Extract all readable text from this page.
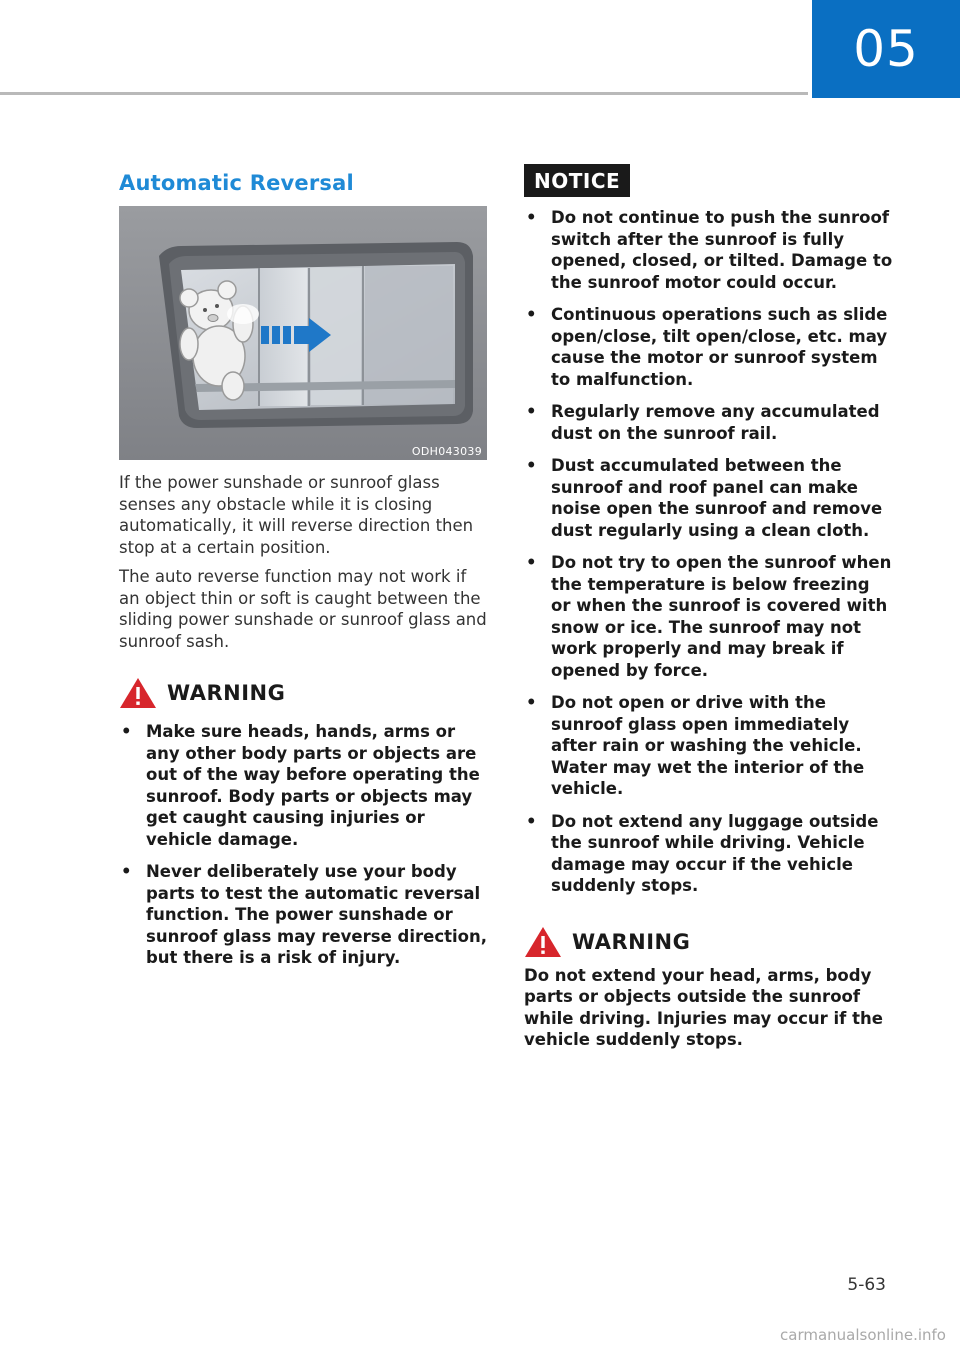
05
Automatic Reversal
ODH043039

If the power sunshade or sunroof glass senses any obstacle while it is closing automatically, it will reverse direction then stop at a certain position.

The auto reverse function may not work if an object thin or soft is caught between the sliding power sunshade or sunroof glass and sunroof sash.

WARNING
• Make sure heads, hands, arms or any other body parts or objects are out of the way before operating the sunroof. Body parts or objects may get caught causing injuries or vehicle damage.
• Never deliberately use your body parts to test the automatic reversal function. The power sunshade or sunroof glass may reverse direction, but there is a risk of injury.
NOTICE
• Do not continue to push the sunroof switch after the sunroof is fully opened, closed, or tilted. Damage to the sunroof motor could occur.
• Continuous operations such as slide open/close, tilt open/close, etc. may cause the motor or sunroof system to malfunction.
• Regularly remove any accumulated dust on the sunroof rail.
• Dust accumulated between the sunroof and roof panel can make noise open the sunroof and remove dust regularly using a clean cloth.
• Do not try to open the sunroof when the temperature is below freezing or when the sunroof is covered with snow or ice. The sunroof may not work properly and may break if opened by force.
• Do not open or drive with the sunroof glass open immediately after rain or washing the vehicle. Water may wet the interior of the vehicle.
• Do not extend any luggage outside the sunroof while driving. Vehicle damage may occur if the vehicle suddenly stops.
WARNING

Do not extend your head, arms, body parts or objects outside the sunroof while driving. Injuries may occur if the vehicle suddenly stops.

5-63
carmanualsonline.info
